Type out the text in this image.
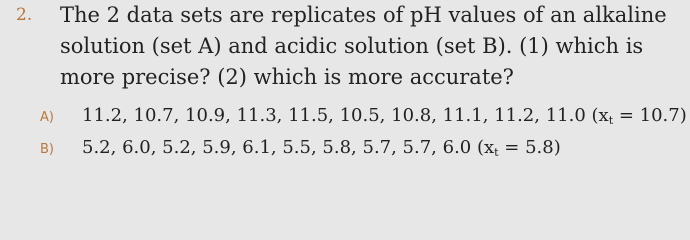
2. The 2 data sets are replicates of pH values of an alkaline solution (set A) and acidic solution (set B). (1) which is more precise? (2) which is more accurate?
A) 11.2, 10.7, 10.9, 11.3, 11.5, 10.5, 10.8, 11.1, 11.2, 11.0 $(x_t = 10.7)$
B) 5.2, 6.0, 5.2, 5.9, 6.1, 5.5, 5.8, 5.7, 5.7, 6.0 $(x_t = 5.8)$
